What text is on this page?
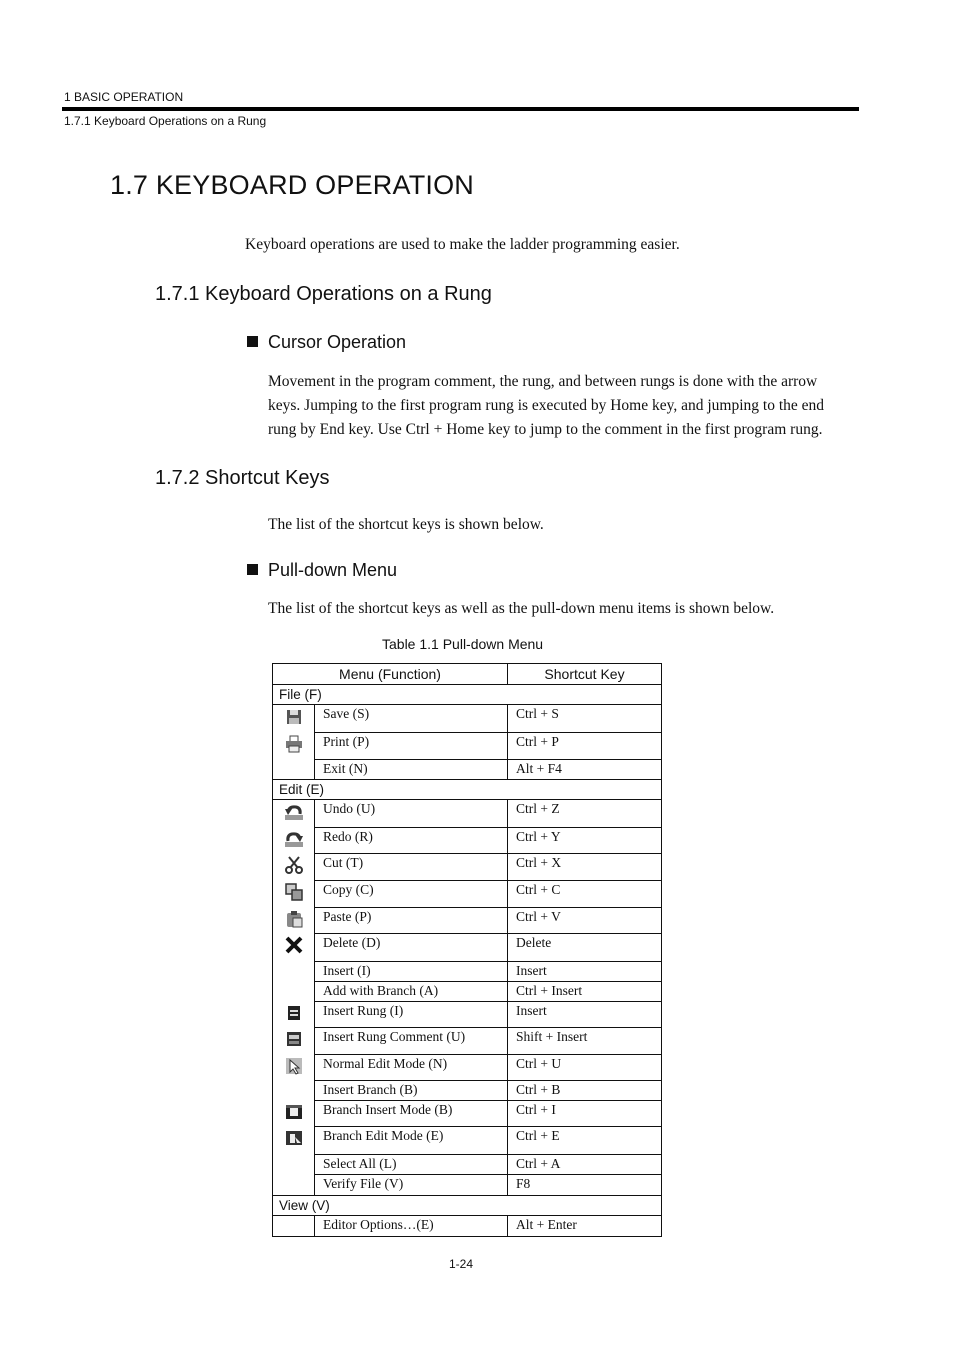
1 BASIC OPERATION
1.7.1 Keyboard Operations on a Rung
1.7 KEYBOARD OPERATION
Keyboard operations are used to make the ladder programming easier.
1.7.1 Keyboard Operations on a Rung
Cursor Operation
Movement in the program comment, the rung, and between rungs is done with the arrow keys. Jumping to the first program rung is executed by Home key, and jumping to the end rung by End key. Use Ctrl + Home key to jump to the comment in the first program rung.
1.7.2 Shortcut Keys
The list of the shortcut keys is shown below.
Pull-down Menu
The list of the shortcut keys as well as the pull-down menu items is shown below.
Table 1.1 Pull-down Menu
Menu (Function)		Shortcut Key
File (F)		
	Save (S)	Ctrl + S
	Print (P)	Ctrl + P
	Exit (N)	Alt + F4
Edit (E)		
	Undo (U)	Ctrl + Z
	Redo (R)	Ctrl + Y
	Cut (T)	Ctrl + X
	Copy (C)	Ctrl + C
	Paste (P)	Ctrl + V
	Delete (D)	Delete
	Insert (I)	Insert
	Add with Branch (A)	Ctrl + Insert
	Insert Rung (I)	Insert
	Insert Rung Comment (U)	Shift + Insert
	Normal Edit Mode (N)	Ctrl + U
	Insert Branch (B)	Ctrl + B
	Branch Insert Mode (B)	Ctrl + I
	Branch Edit Mode (E)	Ctrl + E
	Select All (L)	Ctrl + A
	Verify File (V)	F8
View (V)		
	Editor Options…(E)	Alt + Enter
1-24
